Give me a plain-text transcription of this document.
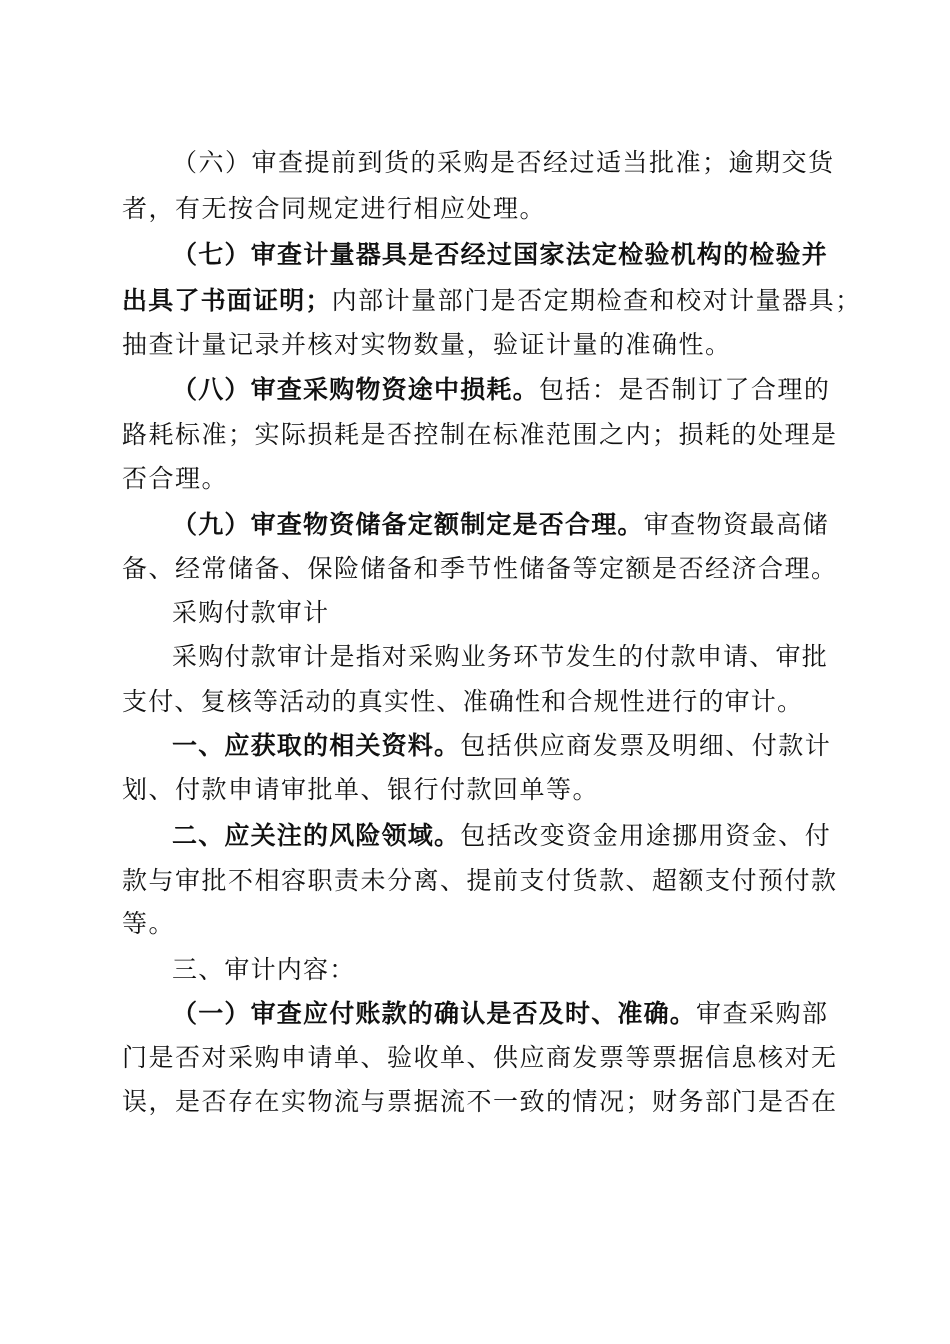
（六）审查提前到货的采购是否经过适当批准；逾期交货
者，有无按合同规定进行相应处理。
（七）审查计量器具是否经过国家法定检验机构的检验并
出具了书面证明；内部计量部门是否定期检查和校对计量器具；
抽查计量记录并核对实物数量，验证计量的准确性。
（八）审查采购物资途中损耗。包括：是否制订了合理的
路耗标准；实际损耗是否控制在标准范围之内；损耗的处理是
否合理。
（九）审查物资储备定额制定是否合理。审查物资最高储
备、经常储备、保险储备和季节性储备等定额是否经济合理。
采购付款审计
采购付款审计是指对采购业务环节发生的付款申请、审批
支付、复核等活动的真实性、准确性和合规性进行的审计。
一、应获取的相关资料。包括供应商发票及明细、付款计
划、付款申请审批单、银行付款回单等。
二、应关注的风险领域。包括改变资金用途挪用资金、付
款与审批不相容职责未分离、提前支付货款、超额支付预付款
等。
三、审计内容：
（一）审查应付账款的确认是否及时、准确。审查采购部
门是否对采购申请单、验收单、供应商发票等票据信息核对无
误，是否存在实物流与票据流不一致的情况；财务部门是否在
